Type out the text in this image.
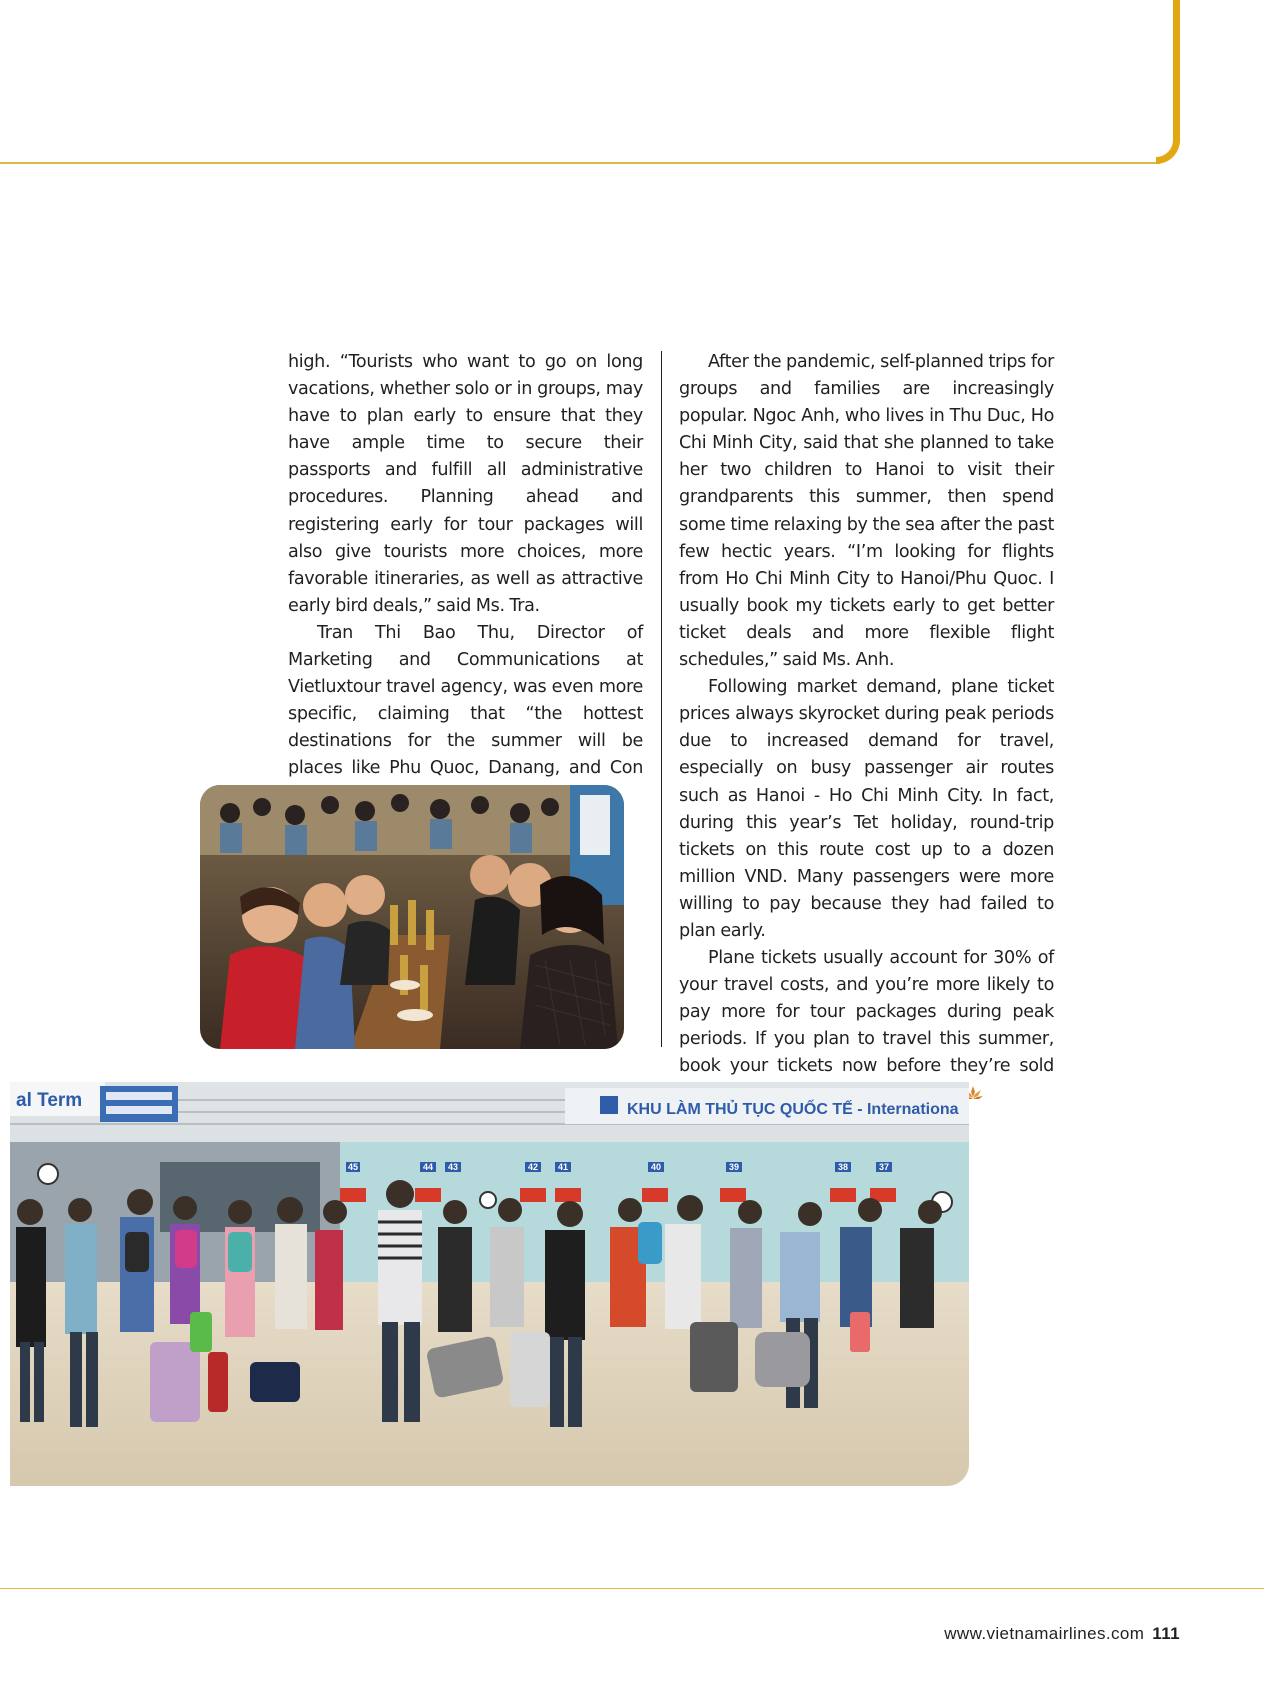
high. “Tourists who want to go on long vacations, whether solo or in groups, may have to plan early to ensure that they have ample time to secure their passports and fulfill all administrative procedures. Planning ahead and registering early for tour packages will also give tourists more choices, more favorable itineraries, as well as attractive early bird deals,” said Ms. Tra.

Tran Thi Bao Thu, Director of Marketing and Communications at Vietluxtour travel agency, was even more specific, claiming that “the hottest destinations for the summer will be places like Phu Quoc, Danang, and Con

After the pandemic, self-planned trips for groups and families are increasingly popular. Ngoc Anh, who lives in Thu Duc, Ho Chi Minh City, said that she planned to take her two children to Hanoi to visit their grandparents this summer, then spend some time relaxing by the sea after the past few hectic years. “I’m looking for flights from Ho Chi Minh City to Hanoi/Phu Quoc. I usually book my tickets early to get better ticket deals and more flexible flight schedules,” said Ms. Anh.

Following market demand, plane ticket prices always skyrocket during peak periods due to increased demand for travel, especially on busy passenger air routes such as Hanoi - Ho Chi Minh City. In fact, during this year’s Tet holiday, round-trip tickets on this route cost up to a dozen million VND. Many passengers were more willing to pay because they had failed to plan early.

Plane tickets usually account for 30% of your travel costs, and you’re more likely to pay more for tour packages during peak periods. If you plan to travel this summer, book your tickets now before they’re sold

al Term	KHU LÀM THỦ TỤC QUỐC TẾ - Internationa
45	44 43	42 41	40	39	38	37
www.vietnamairlines.com 111
